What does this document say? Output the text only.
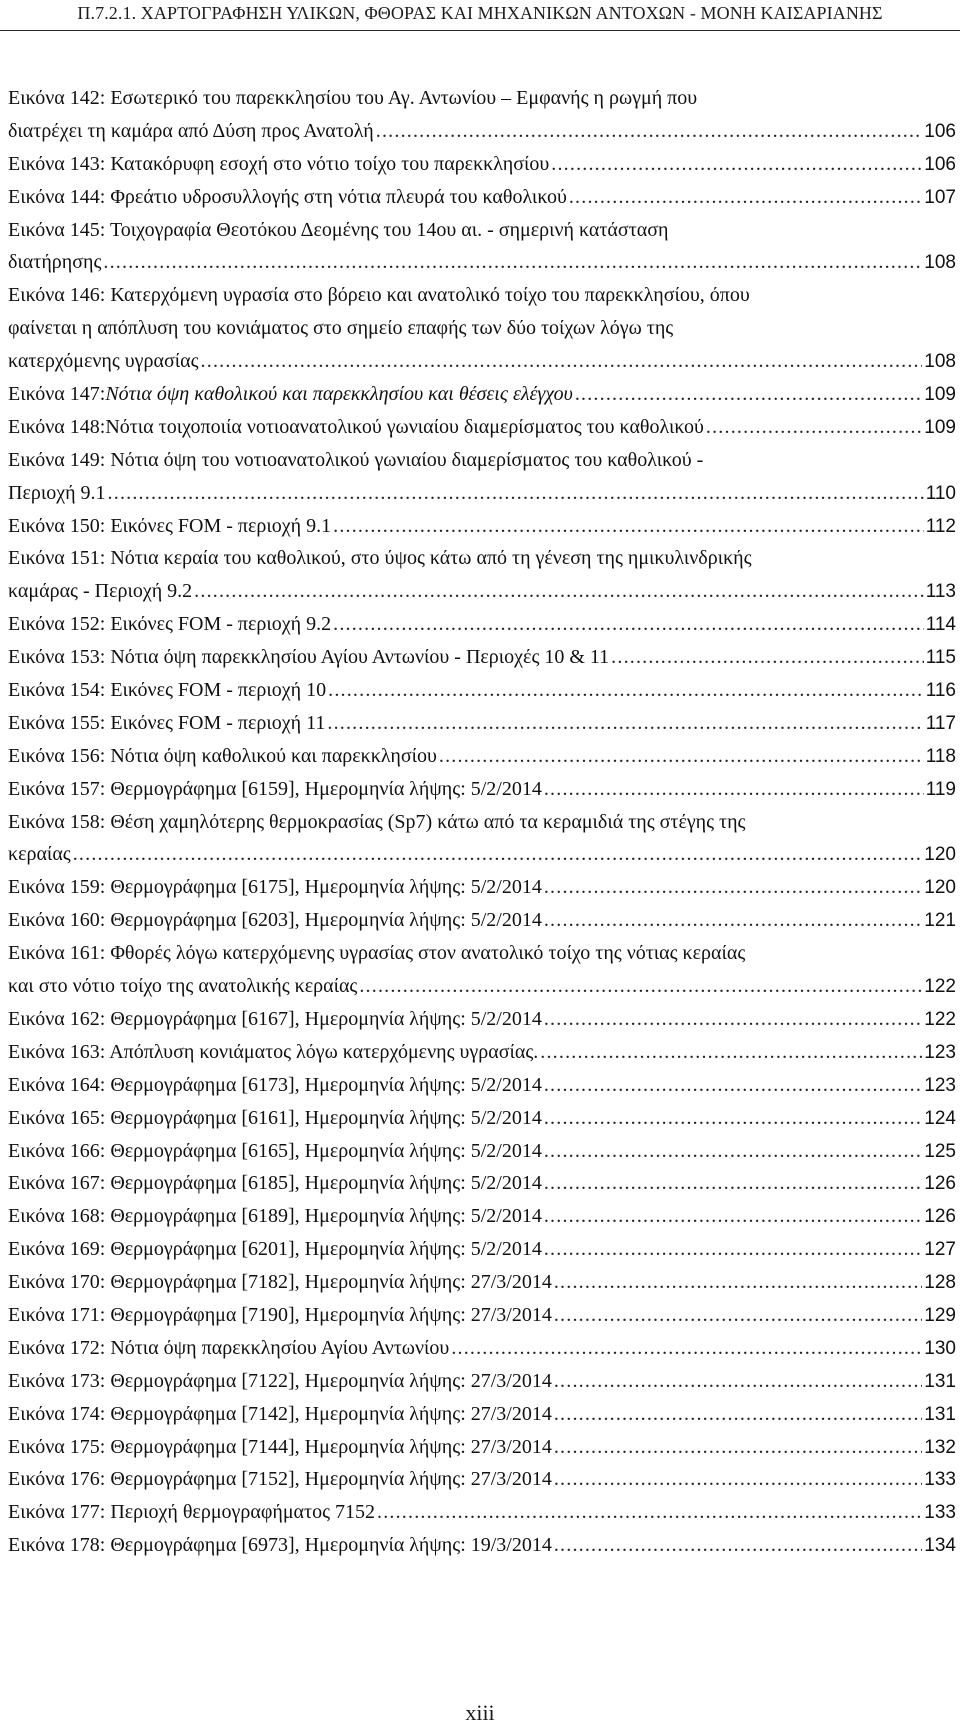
Π.7.2.1. ΧΑΡΤΟΓΡΑΦΗΣΗ ΥΛΙΚΩΝ, ΦΘΟΡΑΣ ΚΑΙ ΜΗΧΑΝΙΚΩΝ ΑΝΤΟΧΩΝ - ΜΟΝΗ ΚΑΙΣΑΡΙΑΝΗΣ
Εικόνα 142: Εσωτερικό του παρεκκλησίου του Αγ. Αντωνίου – Εμφανής η ρωγμή που
διατρέχει τη καμάρα από Δύση προς Ανατολή .....	106
Εικόνα 143: Κατακόρυφη εσοχή στο νότιο τοίχο του παρεκκλησίου .....	106
Εικόνα 144: Φρεάτιο υδροσυλλογής στη νότια πλευρά του καθολικού .....	107
Εικόνα 145: Τοιχογραφία Θεοτόκου Δεομένης του 14ου αι. - σημερινή κατάσταση
διατήρησης .....	108
Εικόνα 146: Κατερχόμενη υγρασία στο βόρειο και ανατολικό τοίχο του παρεκκλησίου, όπου
φαίνεται η απόπλυση του κονιάματος στο σημείο επαφής των δύο τοίχων λόγω της
κατερχόμενης υγρασίας .....	108
Εικόνα 147: Νότια όψη καθολικού και παρεκκλησίου και θέσεις ελέγχου .....	109
Εικόνα 148:Νότια τοιχοποιία νοτιοανατολικού γωνιαίου διαμερίσματος του καθολικού .....	109
Εικόνα 149: Νότια όψη του νοτιοανατολικού γωνιαίου διαμερίσματος του καθολικού -
Περιοχή 9.1 .....	110
Εικόνα 150: Εικόνες FOM - περιοχή 9.1 .....	112
Εικόνα 151: Νότια κεραία του καθολικού, στο ύψος κάτω από τη γένεση της ημικυλινδρικής
καμάρας - Περιοχή 9.2 .....	113
Εικόνα 152: Εικόνες FOM - περιοχή 9.2 .....	114
Εικόνα 153: Νότια όψη παρεκκλησίου Αγίου Αντωνίου - Περιοχές 10 & 11 .....	115
Εικόνα 154: Εικόνες FOM - περιοχή 10 .....	116
Εικόνα 155: Εικόνες FOM - περιοχή 11 .....	117
Εικόνα 156: Νότια όψη καθολικού και παρεκκλησίου .....	118
Εικόνα 157: Θερμογράφημα [6159], Ημερομηνία λήψης: 5/2/2014 .....	119
Εικόνα 158: Θέση χαμηλότερης θερμοκρασίας (Sp7) κάτω από τα κεραμιδιά της στέγης της
κεραίας .....	120
Εικόνα 159: Θερμογράφημα [6175], Ημερομηνία λήψης: 5/2/2014 .....	120
Εικόνα 160: Θερμογράφημα [6203], Ημερομηνία λήψης: 5/2/2014 .....	121
Εικόνα 161: Φθορές λόγω κατερχόμενης υγρασίας στον ανατολικό τοίχο της νότιας κεραίας
και στο νότιο τοίχο της ανατολικής κεραίας .....	122
Εικόνα 162: Θερμογράφημα [6167], Ημερομηνία λήψης: 5/2/2014 .....	122
Εικόνα 163: Απόπλυση κονιάματος λόγω κατερχόμενης υγρασίας. .....	123
Εικόνα 164: Θερμογράφημα [6173], Ημερομηνία λήψης: 5/2/2014 .....	123
Εικόνα 165: Θερμογράφημα [6161], Ημερομηνία λήψης: 5/2/2014 .....	124
Εικόνα 166: Θερμογράφημα [6165], Ημερομηνία λήψης: 5/2/2014 .....	125
Εικόνα 167: Θερμογράφημα [6185], Ημερομηνία λήψης: 5/2/2014 .....	126
Εικόνα 168: Θερμογράφημα [6189], Ημερομηνία λήψης: 5/2/2014 .....	126
Εικόνα 169: Θερμογράφημα [6201], Ημερομηνία λήψης: 5/2/2014 .....	127
Εικόνα 170: Θερμογράφημα [7182], Ημερομηνία λήψης: 27/3/2014 .....	128
Εικόνα 171: Θερμογράφημα [7190], Ημερομηνία λήψης: 27/3/2014 .....	129
Εικόνα 172: Νότια όψη παρεκκλησίου Αγίου Αντωνίου .....	130
Εικόνα 173: Θερμογράφημα [7122], Ημερομηνία λήψης: 27/3/2014 .....	131
Εικόνα 174: Θερμογράφημα [7142], Ημερομηνία λήψης: 27/3/2014 .....	131
Εικόνα 175: Θερμογράφημα [7144], Ημερομηνία λήψης: 27/3/2014 .....	132
Εικόνα 176: Θερμογράφημα [7152], Ημερομηνία λήψης: 27/3/2014 .....	133
Εικόνα 177: Περιοχή θερμογραφήματος 7152 .....	133
Εικόνα 178: Θερμογράφημα [6973], Ημερομηνία λήψης: 19/3/2014 .....	134
xiii
